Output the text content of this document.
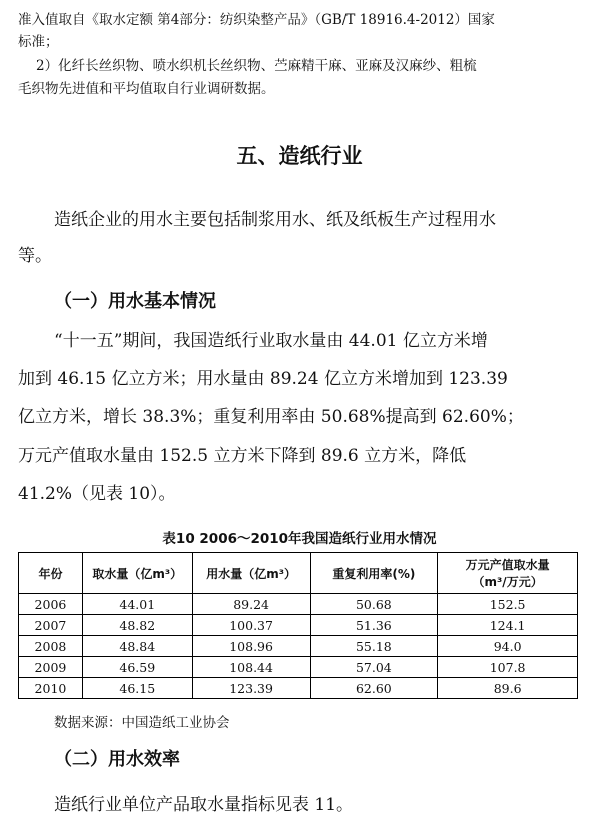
准入值取自《取水定额 第4部分：纺织染整产品》（GB/T 18916.4-2012）国家
标准；
2）化纤长丝织物、喷水织机长丝织物、苎麻精干麻、亚麻及汉麻纱、粗梳
毛织物先进值和平均值取自行业调研数据。
五、造纸行业
造纸企业的用水主要包括制浆用水、纸及纸板生产过程用水
等。
（一）用水基本情况
“十一五”期间，我国造纸行业取水量由 44.01 亿立方米增
加到 46.15 亿立方米；用水量由 89.24 亿立方米增加到 123.39
亿立方米，增长 38.3%；重复利用率由 50.68%提高到 62.60%；
万元产值取水量由 152.5 立方米下降到 89.6 立方米，降低
41.2%（见表 10）。
表10 2006～2010年我国造纸行业用水情况
年份	取水量（亿m³）	用水量（亿m³）	重复利用率(%)	万元产值取水量
（m³/万元）

2006	44.01	89.24	50.68	152.5
2007	48.82	100.37	51.36	124.1
2008	48.84	108.96	55.18	94.0
2009	46.59	108.44	57.04	107.8
2010	46.15	123.39	62.60	89.6
数据来源：中国造纸工业协会
（二）用水效率
造纸行业单位产品取水量指标见表 11。
